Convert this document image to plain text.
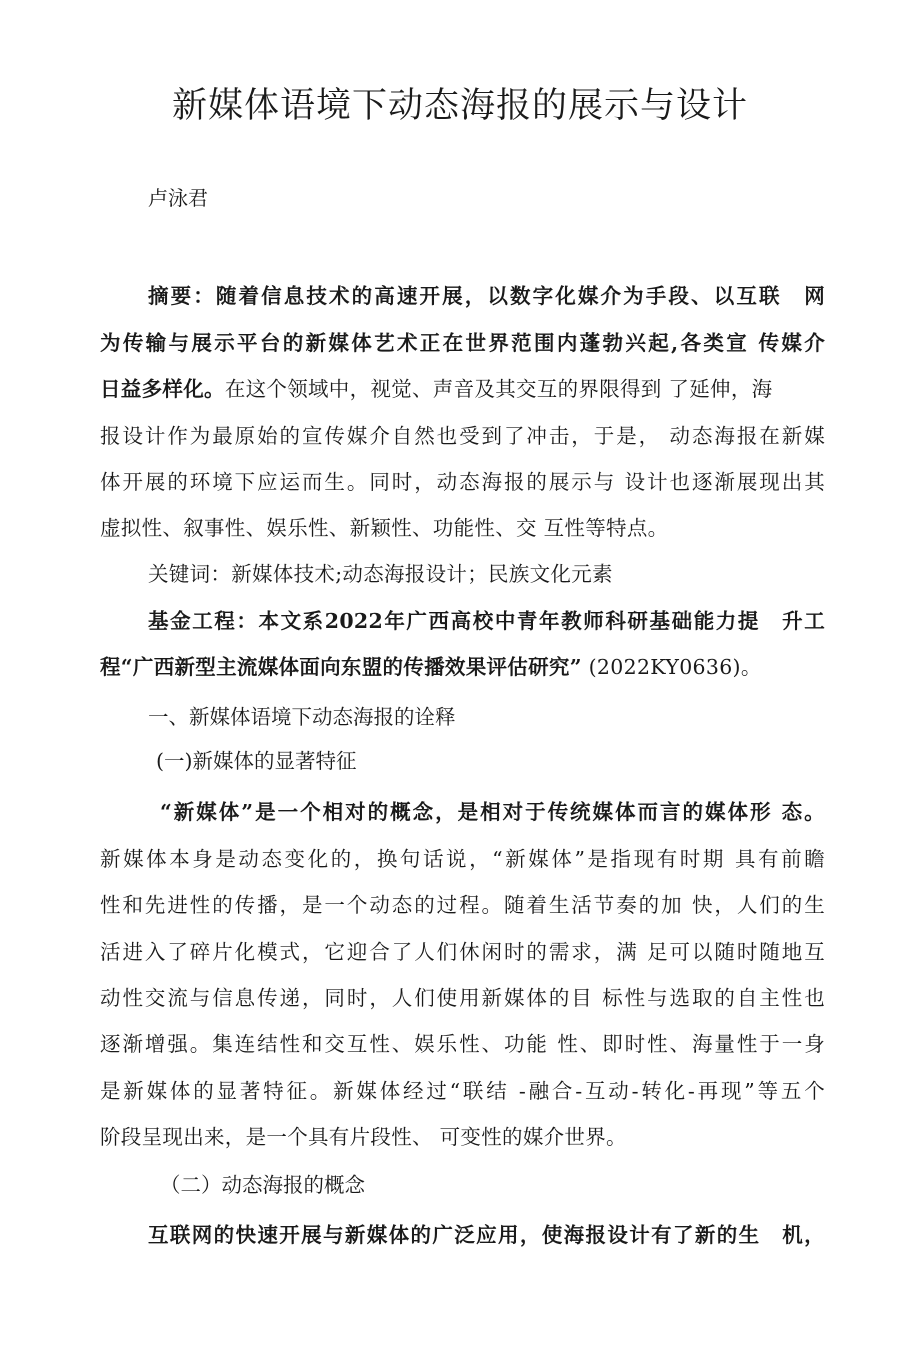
新媒体语境下动态海报的展示与设计
卢泳君
摘要：随着信息技术的高速开展，以数字化媒介为手段、以互联　网
为传输与展示平台的新媒体艺术正在世界范围内蓬勃兴起,各类宣 传媒介
日益多样化。在这个领域中，视觉、声音及其交互的界限得到 了延伸，海
报设计作为最原始的宣传媒介自然也受到了冲击，于是， 动态海报在新媒
体开展的环境下应运而生。同时，动态海报的展示与 设计也逐渐展现出其
虚拟性、叙事性、娱乐性、新颖性、功能性、交 互性等特点。
关键词：新媒体技术;动态海报设计；民族文化元素
基金工程：本文系2022年广西高校中青年教师科研基础能力提　升工
程“广西新型主流媒体面向东盟的传播效果评估研究” (2022KY0636)。
一、新媒体语境下动态海报的诠释
(一)新媒体的显著特征
“新媒体”是一个相对的概念，是相对于传统媒体而言的媒体形 态。
新媒体本身是动态变化的，换句话说，“新媒体”是指现有时期 具有前瞻
性和先进性的传播，是一个动态的过程。随着生活节奏的加 快，人们的生
活进入了碎片化模式，它迎合了人们休闲时的需求，满 足可以随时随地互
动性交流与信息传递，同时，人们使用新媒体的目 标性与选取的自主性也
逐渐增强。集连结性和交互性、娱乐性、功能 性、即时性、海量性于一身
是新媒体的显著特征。新媒体经过“联结 -融合-互动-转化-再现”等五个
阶段呈现出来，是一个具有片段性、 可变性的媒介世界。
（二）动态海报的概念
互联网的快速开展与新媒体的广泛应用，使海报设计有了新的生　机，
